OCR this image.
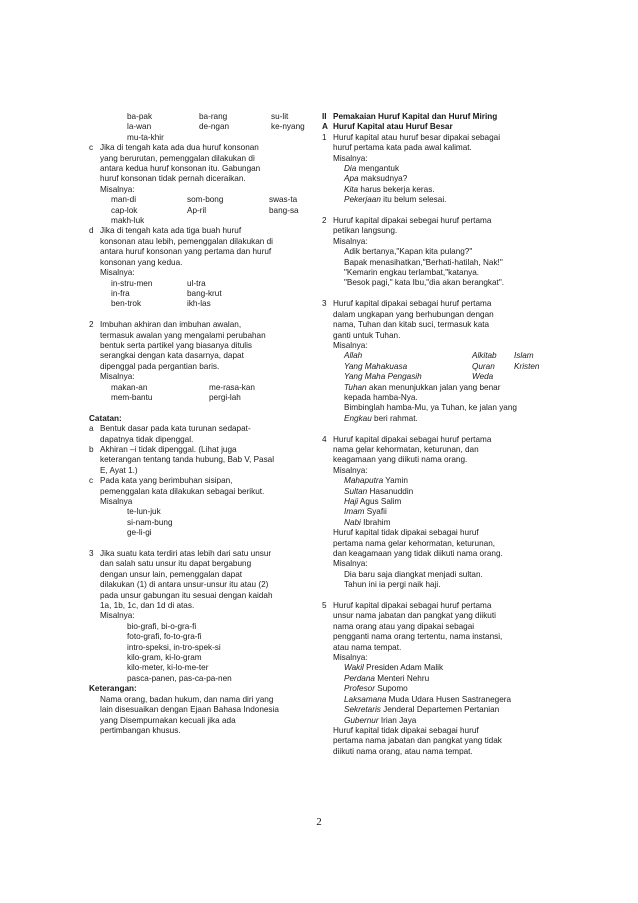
ba-pak	ba-rang	su-lit
la-wan	de-ngan	ke-nyang
mu-ta-khir
c Jika di tengah kata ada dua huruf konsonan
yang berurutan, pemenggalan dilakukan di
antara kedua huruf konsonan itu. Gabungan
huruf konsonan tidak pernah diceraikan.
Misalnya:
man-di	som-bong	swas-ta
cap-lok	Ap-ril	bang-sa
makh-luk
d Jika di tengah kata ada tiga buah huruf
konsonan atau lebih, pemenggalan dilakukan di
antara huruf konsonan yang pertama dan huruf
konsonan yang kedua.
Misalnya:
in-stru-men	ul-tra
in-fra	bang-krut
ben-trok	ikh-las
2 Imbuhan akhiran dan imbuhan awalan,
termasuk awalan yang mengalami perubahan
bentuk serta partikel yang biasanya ditulis
serangkai dengan kata dasarnya, dapat
dipenggal pada pergantian baris.
Misalnya:
makan-an	me-rasa-kan
mem-bantu	pergi-lah
Catatan:
a Bentuk dasar pada kata turunan sedapat-
dapatnya tidak dipenggal.
b Akhiran –i tidak dipenggal. (Lihat juga
keterangan tentang tanda hubung, Bab V, Pasal
E, Ayat 1.)
c Pada kata yang berimbuhan sisipan,
pemenggalan kata dilakukan sebagai berikut.
Misalnya
te-lun-juk
si-nam-bung
ge-li-gi
3 Jika suatu kata terdiri atas lebih dari satu unsur
dan salah satu unsur itu dapat bergabung
dengan unsur lain, pemenggalan dapat
dilakukan (1) di antara unsur-unsur itu atau (2)
pada unsur gabungan itu sesuai dengan kaidah
1a, 1b, 1c, dan 1d di atas.
Misalnya:
bio-grafi, bi-o-gra-fi
foto-grafi, fo-to-gra-fi
intro-speksi, in-tro-spek-si
kilo-gram, ki-lo-gram
kilo-meter, ki-lo-me-ter
pasca-panen, pas-ca-pa-nen
Keterangan:
Nama orang, badan hukum, dan nama diri yang
lain disesuaikan dengan Ejaan Bahasa Indonesia
yang Disempurnakan kecuali jika ada
pertimbangan khusus.
II Pemakaian Huruf Kapital dan Huruf Miring
A Huruf Kapital atau Huruf Besar
1 Huruf kapital atau huruf besar dipakai sebagai
huruf pertama kata pada awal kalimat.
Misalnya:
Dia mengantuk
Apa maksudnya?
Kita harus bekerja keras.
Pekerjaan itu belum selesai.
2 Huruf kapital dipakai sebegai huruf pertama
petikan langsung.
Misalnya:
Adik bertanya,"Kapan kita pulang?"
Bapak menasihatkan,"Berhati-hatilah, Nak!"
"Kemarin engkau terlambat,"katanya.
"Besok pagi," kata Ibu,"dia akan berangkat".
3 Huruf kapital dipakai sebagai huruf pertama
dalam ungkapan yang berhubungan dengan
nama, Tuhan dan kitab suci, termasuk kata
ganti untuk Tuhan.
Misalnya:
Allah	Alkitab	Islam
Yang Mahakuasa	Quran	Kristen
Yang Maha Pengasih	Weda
Tuhan akan menunjukkan jalan yang benar
kepada hamba-Nya.
Bimbinglah hamba-Mu, ya Tuhan, ke jalan yang
Engkau beri rahmat.
4 Huruf kapital dipakai sebagai huruf pertama
nama gelar kehormatan, keturunan, dan
keagamaan yang diikuti nama orang.
Misalnya:
Mahaputra Yamin
Sultan Hasanuddin
Haji Agus Salim
Imam Syafii
Nabi Ibrahim
Huruf kapital tidak dipakai sebagai huruf
pertama nama gelar kehormatan, keturunan,
dan keagamaan yang tidak diikuti nama orang.
Misalnya:
Dia baru saja diangkat menjadi sultan.
Tahun ini ia pergi naik haji.
5 Huruf kapital dipakai sebagai huruf pertama
unsur nama jabatan dan pangkat yang diikuti
nama orang atau yang dipakai sebagai
pengganti nama orang tertentu, nama instansi,
atau nama tempat.
Misalnya:
Wakil Presiden Adam Malik
Perdana Menteri Nehru
Profesor Supomo
Laksamana Muda Udara Husen Sastranegera
Sekretaris Jenderal Departemen Pertanian
Gubernur Irian Jaya
Huruf kapital tidak dipakai sebagai huruf
pertama nama jabatan dan pangkat yang tidak
diikuti nama orang, atau nama tempat.
2
